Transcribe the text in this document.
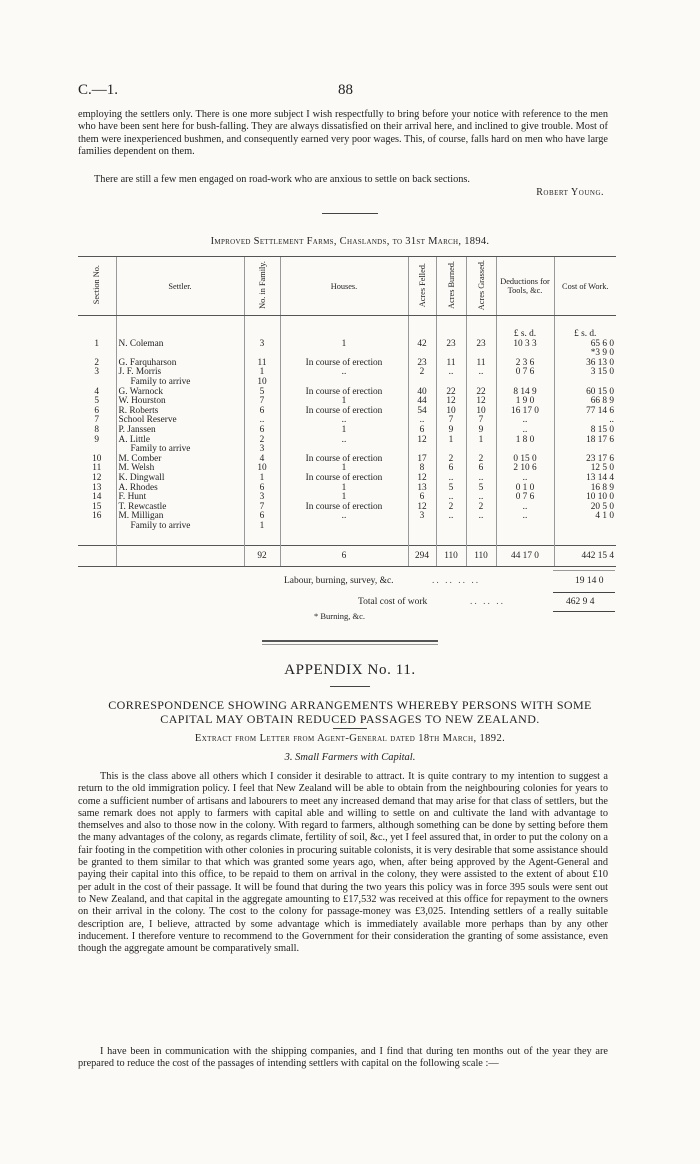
C.—1.	88

employing the settlers only. There is one more subject I wish respectfully to bring before your notice with reference to the men who have been sent here for bush-falling. They are always dissatisfied on their arrival here, and inclined to give trouble. Most of them were inexperienced bushmen, and consequently earned very poor wages. This, of course, falls hard on men who have large families dependent on them.

There are still a few men engaged on road-work who are anxious to settle on back sections.

Robert Young.
Improved Settlement Farms, Chaslands, to 31st March, 1894.
Section No.	Settler.	No. in Family.	Houses.	Acres Felled.	Acres Burned.	Acres Grassed.	Deductions for Tools, &c.	Cost of Work.

							£ s. d.	£ s. d.
1	N. Coleman	3	1	42	23	23	10 3 3	65 6 0
								*3 9 0
2	G. Farquharson	11	In course of erection	23	11	11	2 3 6	36 13 0
3	J. F. Morris	1	..	2	..	..	0 7 6	3 15 0
	Family to arrive	10						
4	G. Warnock	5	In course of erection	40	22	22	8 14 9	60 15 0
5	W. Hourston	7	1	44	12	12	1 9 0	66 8 9
6	R. Roberts	6	In course of erection	54	10	10	16 17 0	77 14 6
7	School Reserve	..	..	..	7	7	..	..
8	P. Janssen	6	1	6	9	9	..	8 15 0
9	A. Little	2	..	12	1	1	1 8 0	18 17 6
	Family to arrive	3						
10	M. Comber	4	In course of erection	17	2	2	0 15 0	23 17 6
11	M. Welsh	10	1	8	6	6	2 10 6	12 5 0
12	K. Dingwall	1	In course of erection	12	..	..	..	13 14 4
13	A. Rhodes	6	1	13	5	5	0 1 0	16 8 9
14	F. Hunt	3	1	6	..	..	0 7 6	10 10 0
15	T. Rewcastle	7	In course of erection	12	2	2	..	20 5 0
16	M. Milligan	6	..	3	..	..	..	4 1 0
	Family to arrive	1						

		92	6	294	110	110	44 17 0	442 15 4
Labour, burning, survey, &c.	.. .. .. ..	19 14 0
Total cost of work	.. .. ..	462 9 4
* Burning, &c.
APPENDIX No. 11.
CORRESPONDENCE SHOWING ARRANGEMENTS WHEREBY PERSONS WITH SOME
CAPITAL MAY OBTAIN REDUCED PASSAGES TO NEW ZEALAND.
Extract from Letter from Agent-General dated 18th March, 1892.
3. Small Farmers with Capital.

This is the class above all others which I consider it desirable to attract. It is quite contrary to my intention to suggest a return to the old immigration policy. I feel that New Zealand will be able to obtain from the neighbouring colonies for years to come a sufficient number of artisans and labourers to meet any increased demand that may arise for that class of settlers, but the same remark does not apply to farmers with capital able and willing to settle on and cultivate the land with advantage to themselves and also to those now in the colony. With regard to farmers, although something can be done by setting before them the many advantages of the colony, as regards climate, fertility of soil, &c., yet I feel assured that, in order to put the colony on a fair footing in the competition with other colonies in procuring suitable colonists, it is very desirable that some assistance should be granted to them similar to that which was granted some years ago, when, after being approved by the Agent-General and paying their capital into this office, to be repaid to them on arrival in the colony, they were assisted to the extent of about £10 per adult in the cost of their passage. It will be found that during the two years this policy was in force 395 souls were sent out to New Zealand, and that capital in the aggregate amounting to £17,532 was received at this office for repayment to the owners on their arrival in the colony. The cost to the colony for passage-money was £3,025. Intending settlers of a really suitable description are, I believe, attracted by some advantage which is immediately available more perhaps than by any other inducement. I therefore venture to recommend to the Government for their consideration the granting of some assistance, even though the aggregate amount be comparatively small.

I have been in communication with the shipping companies, and I find that during ten months out of the year they are prepared to reduce the cost of the passages of intending settlers with capital on the following scale :—
